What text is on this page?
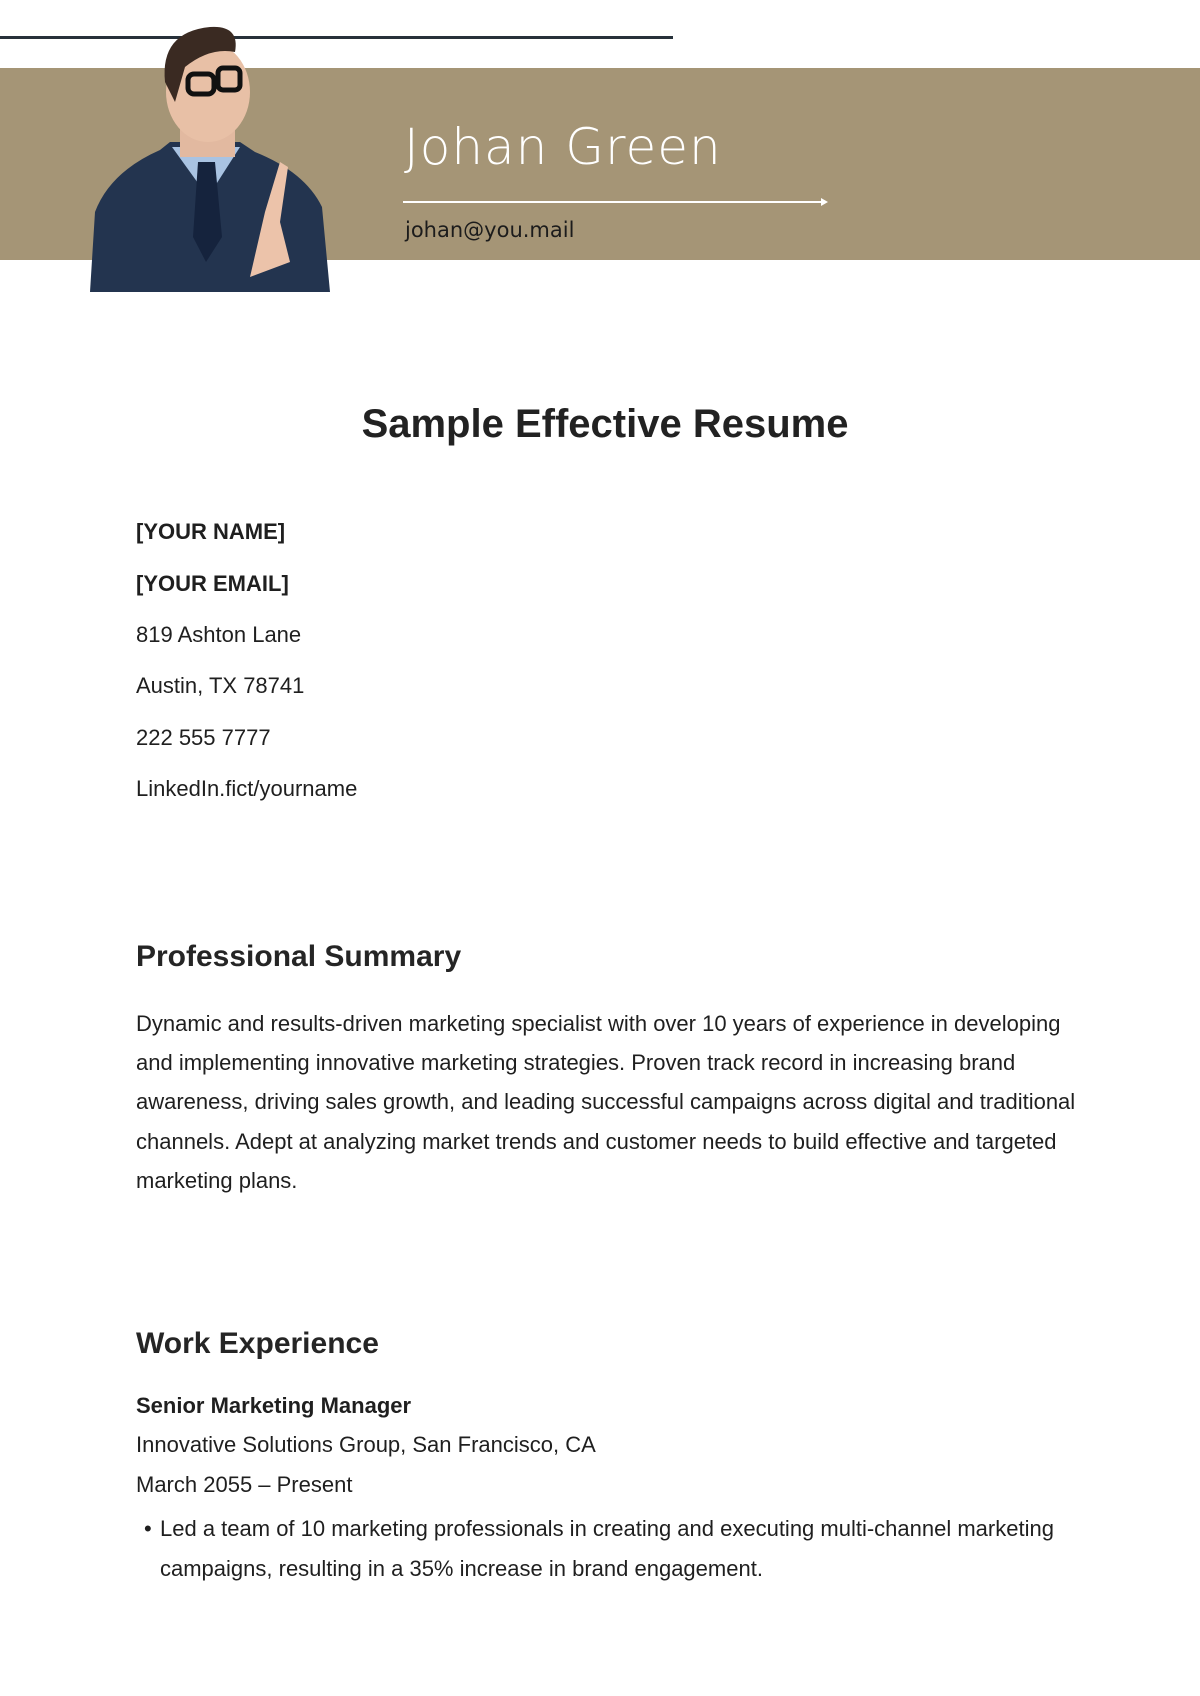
Johan Green
johan@you.mail
Sample Effective Resume
[YOUR NAME]
[YOUR EMAIL]
819 Ashton Lane
Austin, TX 78741
222 555 7777
LinkedIn.fict/yourname
Professional Summary
Dynamic and results-driven marketing specialist with over 10 years of experience in developing and implementing innovative marketing strategies. Proven track record in increasing brand awareness, driving sales growth, and leading successful campaigns across digital and traditional channels. Adept at analyzing market trends and customer needs to build effective and targeted marketing plans.
Work Experience
Senior Marketing Manager
Innovative Solutions Group, San Francisco, CA
March 2055 – Present
• Led a team of 10 marketing professionals in creating and executing multi-channel marketing campaigns, resulting in a 35% increase in brand engagement.
